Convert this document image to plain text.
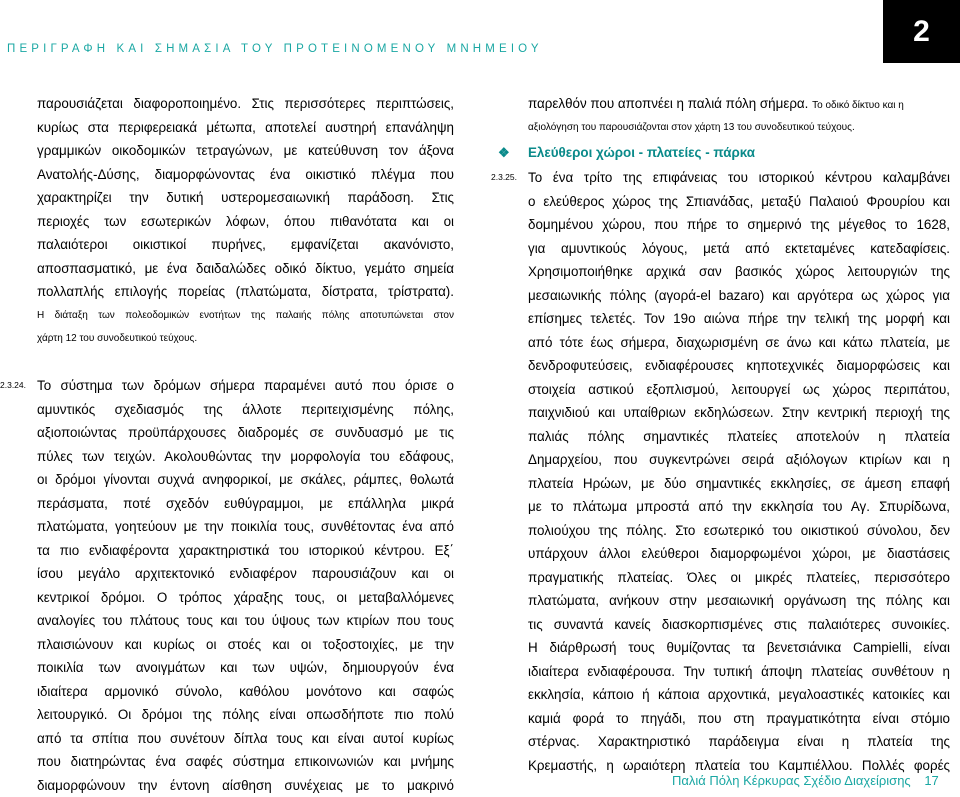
ΠΕΡΙΓΡΑΦΗ ΚΑΙ ΣΗΜΑΣΙΑ ΤΟΥ ΠΡΟΤΕΙΝΟΜΕΝΟΥ ΜΝΗΜΕΙΟΥ
2
παρουσιάζεται διαφοροποιημένο. Στις περισσότερες περιπτώσεις,
κυρίως στα περιφερειακά μέτωπα, αποτελεί αυστηρή επανάληψη
γραμμικών οικοδομικών τετραγώνων, με κατεύθυνση τον άξονα
Ανατολής-Δύσης, διαμορφώνοντας ένα οικιστικό πλέγμα που
χαρακτηρίζει την δυτική υστερομεσαιωνική παράδοση. Στις
περιοχές των εσωτερικών λόφων, όπου πιθανότατα και οι
παλαιότεροι οικιστικοί πυρήνες, εμφανίζεται ακανόνιστο,
αποσπασματικό, με ένα δαιδαλώδες οδικό δίκτυο, γεμάτο σημεία
πολλαπλής επιλογής πορείας (πλατώματα, δίστρατα, τρίστρατα).
Η διάταξη των πολεοδομικών ενοτήτων της παλαιής πόλης αποτυπώνεται στον
χάρτη 12 του συνοδευτικού τεύχους.
2.3.24. Το σύστημα των δρόμων σήμερα παραμένει αυτό που όρισε ο
αμυντικός σχεδιασμός της άλλοτε περιτειχισμένης πόλης,
αξιοποιώντας προϋπάρχουσες διαδρομές σε συνδυασμό με τις
πύλες των τειχών. Ακολουθώντας την μορφολογία του εδάφους,
οι δρόμοι γίνονται συχνά ανηφορικοί, με σκάλες, ράμπες, θολωτά
περάσματα, ποτέ σχεδόν ευθύγραμμοι, με επάλληλα μικρά
πλατώματα, γοητεύουν με την ποικιλία τους, συνθέτοντας ένα από
τα πιο ενδιαφέροντα χαρακτηριστικά του ιστορικού κέντρου. Εξ΄
ίσου μεγάλο αρχιτεκτονικό ενδιαφέρον παρουσιάζουν και οι
κεντρικοί δρόμοι. Ο τρόπος χάραξης τους, οι μεταβαλλόμενες
αναλογίες του πλάτους τους και του ύψους των κτιρίων που τους
πλαισιώνουν και κυρίως οι στοές και οι τοξοστοιχίες, με την
ποικιλία των ανοιγμάτων και των υψών, δημιουργούν ένα
ιδιαίτερα αρμονικό σύνολο, καθόλου μονότονο και σαφώς
λειτουργικό. Οι δρόμοι της πόλης είναι οπωσδήποτε πιο πολύ
από τα σπίτια που συνέτουν δίπλα τους και είναι αυτοί κυρίως
που διατηρώντας ένα σαφές σύστημα επικοινωνιών και μνήμης
διαμορφώνουν την έντονη αίσθηση συνέχειας με το μακρινό
παρελθόν που αποπνέει η παλιά πόλη σήμερα. Το οδικό δίκτυο και η
αξιολόγηση του παρουσιάζονται στον χάρτη 13 του συνοδευτικού τεύχους.
❖ Ελεύθεροι χώροι - πλατείες - πάρκα
2.3.25. Το ένα τρίτο της επιφάνειας του ιστορικού κέντρου καλαμβάνει
ο ελεύθερος χώρος της Σπιανάδας, μεταξύ Παλαιού Φρουρίου και
δομημένου χώρου, που πήρε το σημερινό της μέγεθος το 1628,
για αμυντικούς λόγους, μετά από εκτεταμένες κατεδαφίσεις.
Χρησιμοποιήθηκε αρχικά σαν βασικός χώρος λειτουργιών της
μεσαιωνικής πόλης (αγορά-el bazaro) και αργότερα ως χώρος για
επίσημες τελετές. Τον 19ο αιώνα πήρε την τελική της μορφή και
από τότε έως σήμερα, διαχωρισμένη σε άνω και κάτω πλατεία, με
δενδροφυτεύσεις, ενδιαφέρουσες κηποτεχνικές διαμορφώσεις και
στοιχεία αστικού εξοπλισμού, λειτουργεί ως χώρος περιπάτου,
παιχνιδιού και υπαίθριων εκδηλώσεων. Στην κεντρική περιοχή της
παλιάς πόλης σημαντικές πλατείες αποτελούν η πλατεία
Δημαρχείου, που συγκεντρώνει σειρά αξιόλογων κτιρίων και η
πλατεία Ηρώων, με δύο σημαντικές εκκλησίες, σε άμεση επαφή
με το πλάτωμα μπροστά από την εκκλησία του Αγ. Σπυρίδωνα,
πολιούχου της πόλης. Στο εσωτερικό του οικιστικού σύνολου, δεν
υπάρχουν άλλοι ελεύθεροι διαμορφωμένοι χώροι, με διαστάσεις
πραγματικής πλατείας. Όλες οι μικρές πλατείες, περισσότερο
πλατώματα, ανήκουν στην μεσαιωνική οργάνωση της πόλης και
τις συναντά κανείς διασκορπισμένες στις παλαιότερες συνοικίες.
Η διάρθρωσή τους θυμίζοντας τα βενετσιάνικα Campielli, είναι
ιδιαίτερα ενδιαφέρουσα. Την τυπική άποψη πλατείας συνθέτουν η
εκκλησία, κάποιο ή κάποια αρχοντικά, μεγαλοαστικές κατοικίες και
καμιά φορά το πηγάδι, που στη πραγματικότητα είναι στόμιο
στέρνας. Χαρακτηριστικό παράδειγμα είναι η πλατεία της
Κρεμαστής, η ωραιότερη πλατεία του Καμπιέλλου. Πολλές φορές
Παλιά Πόλη Κέρκυρας Σχέδιο Διαχείρισης 17
